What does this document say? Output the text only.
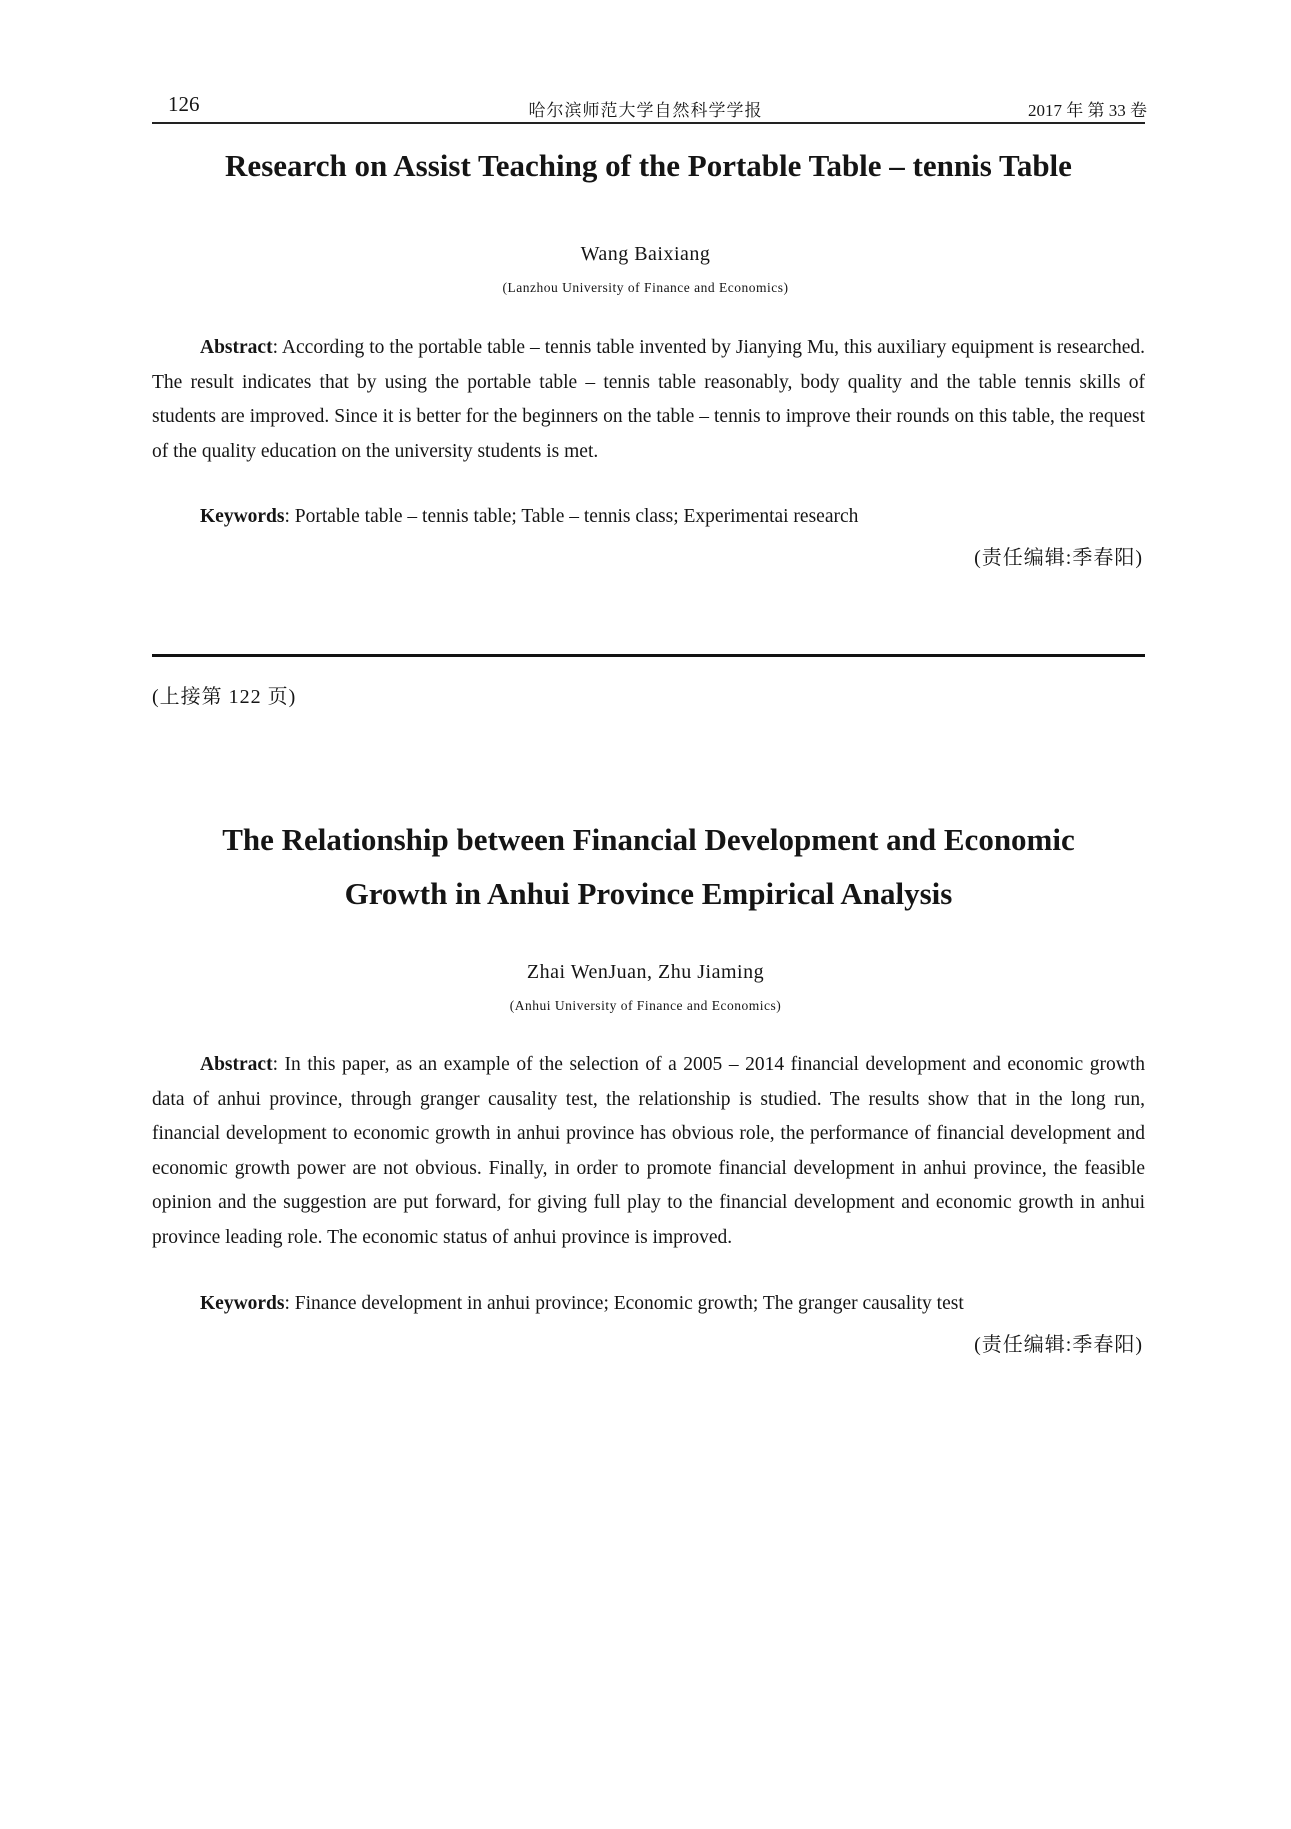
126	哈尔滨师范大学自然科学学报	2017 年 第 33 卷
Research on Assist Teaching of the Portable Table – tennis Table
Wang Baixiang
(Lanzhou University of Finance and Economics)
Abstract: According to the portable table – tennis table invented by Jianying Mu, this auxiliary equipment is researched. The result indicates that by using the portable table – tennis table reasonably, body quality and the table tennis skills of students are improved. Since it is better for the beginners on the table – tennis to improve their rounds on this table, the request of the quality education on the university students is met.
Keywords: Portable table – tennis table; Table – tennis class; Experimentai research
(责任编辑:季春阳)
(上接第 122 页)
The Relationship between Financial Development and Economic
Growth in Anhui Province Empirical Analysis
Zhai WenJuan, Zhu Jiaming
(Anhui University of Finance and Economics)
Abstract: In this paper, as an example of the selection of a 2005 – 2014 financial development and economic growth data of anhui province, through granger causality test, the relationship is studied. The results show that in the long run, financial development to economic growth in anhui province has obvious role, the performance of financial development and economic growth power are not obvious. Finally, in order to promote financial development in anhui province, the feasible opinion and the suggestion are put forward, for giving full play to the financial development and economic growth in anhui province leading role. The economic status of anhui province is improved.
Keywords: Finance development in anhui province; Economic growth; The granger causality test
(责任编辑:季春阳)
